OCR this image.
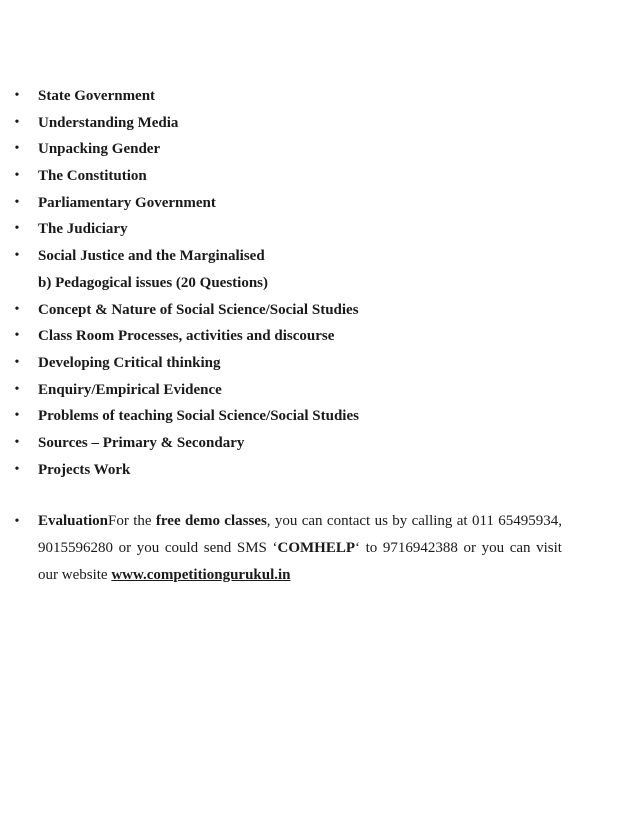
•	State Government
•	Understanding Media
•	Unpacking Gender
•	The Constitution
•	Parliamentary Government
•	The Judiciary
•	Social Justice and the Marginalised
b) Pedagogical issues (20 Questions)
•	Concept & Nature of Social Science/Social Studies
•	Class Room Processes, activities and discourse
•	Developing Critical thinking
•	Enquiry/Empirical Evidence
•	Problems of teaching Social Science/Social Studies
•	Sources – Primary & Secondary
•	Projects Work
•	EvaluationFor the free demo classes, you can contact us by calling at 011 65495934, 9015596280 or you could send SMS ‘COMHELP‘ to 9716942388 or you can visit our website www.competitiongurukul.in
